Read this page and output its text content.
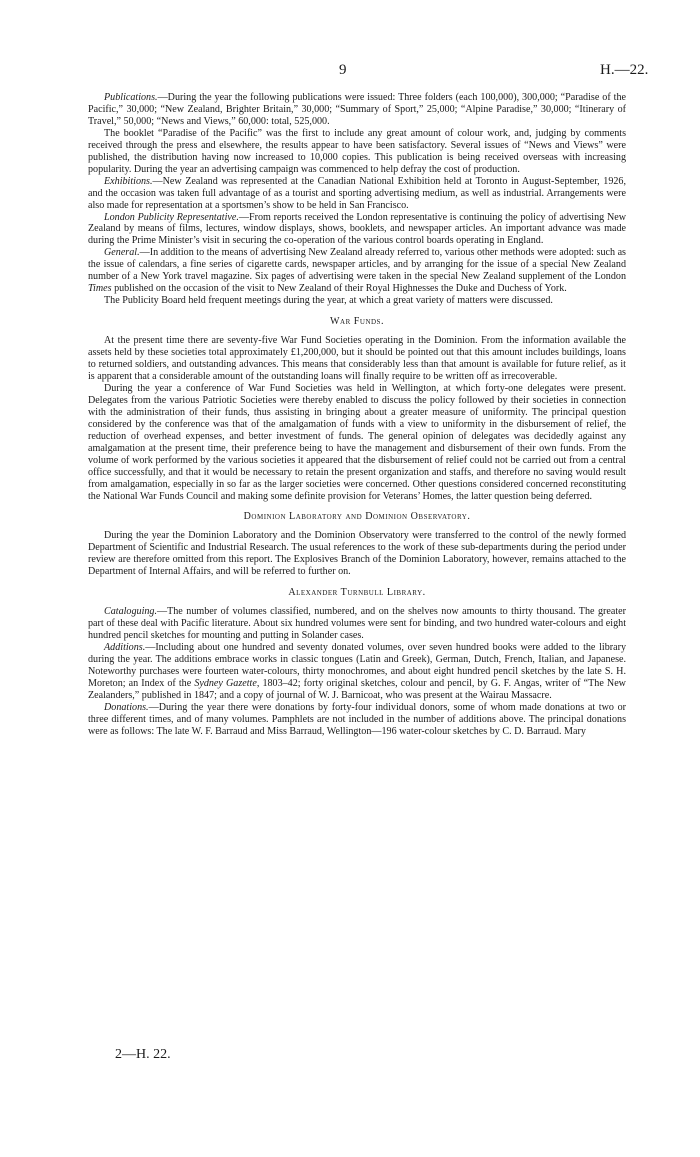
9	H.—22.

Publications.—During the year the following publications were issued: Three folders (each 100,000), 300,000; “Paradise of the Pacific,” 30,000; “New Zealand, Brighter Britain,” 30,000; “Summary of Sport,” 25,000; “Alpine Paradise,” 30,000; “Itinerary of Travel,” 50,000; “News and Views,” 60,000: total, 525,000.

The booklet “Paradise of the Pacific” was the first to include any great amount of colour work, and, judging by comments received through the press and elsewhere, the results appear to have been satisfactory. Several issues of “News and Views” were published, the distribution having now increased to 10,000 copies. This publication is being received overseas with increasing popularity. During the year an advertising campaign was commenced to help defray the cost of production.

Exhibitions.—New Zealand was represented at the Canadian National Exhibition held at Toronto in August-September, 1926, and the occasion was taken full advantage of as a tourist and sporting advertising medium, as well as industrial. Arrangements were also made for representation at a sportsmen’s show to be held in San Francisco.

London Publicity Representative.—From reports received the London representative is continuing the policy of advertising New Zealand by means of films, lectures, window displays, shows, booklets, and newspaper articles. An important advance was made during the Prime Minister’s visit in securing the co-operation of the various control boards operating in England.

General.—In addition to the means of advertising New Zealand already referred to, various other methods were adopted: such as the issue of calendars, a fine series of cigarette cards, newspaper articles, and by arranging for the issue of a special New Zealand number of a New York travel magazine. Six pages of advertising were taken in the special New Zealand supplement of the London Times published on the occasion of the visit to New Zealand of their Royal Highnesses the Duke and Duchess of York.

The Publicity Board held frequent meetings during the year, at which a great variety of matters were discussed.

War Funds.

At the present time there are seventy-five War Fund Societies operating in the Dominion. From the information available the assets held by these societies total approximately £1,200,000, but it should be pointed out that this amount includes buildings, loans to returned soldiers, and outstanding advances. This means that considerably less than that amount is available for future relief, as it is apparent that a considerable amount of the outstanding loans will finally require to be written off as irrecoverable.

During the year a conference of War Fund Societies was held in Wellington, at which forty-one delegates were present. Delegates from the various Patriotic Societies were thereby enabled to discuss the policy followed by their societies in connection with the administration of their funds, thus assisting in bringing about a greater measure of uniformity. The principal question considered by the conference was that of the amalgamation of funds with a view to uniformity in the disbursement of relief, the reduction of overhead expenses, and better investment of funds. The general opinion of delegates was decidedly against any amalgamation at the present time, their preference being to have the management and disbursement of their own funds. From the volume of work performed by the various societies it appeared that the disbursement of relief could not be carried out from a central office successfully, and that it would be necessary to retain the present organization and staffs, and therefore no saving would result from amalgamation, especially in so far as the larger societies were concerned. Other questions considered concerned reconstituting the National War Funds Council and making some definite provision for Veterans’ Homes, the latter question being deferred.

Dominion Laboratory and Dominion Observatory.

During the year the Dominion Laboratory and the Dominion Observatory were transferred to the control of the newly formed Department of Scientific and Industrial Research. The usual references to the work of these sub-departments during the period under review are therefore omitted from this report. The Explosives Branch of the Dominion Laboratory, however, remains attached to the Department of Internal Affairs, and will be referred to further on.

Alexander Turnbull Library.

Cataloguing.—The number of volumes classified, numbered, and on the shelves now amounts to thirty thousand. The greater part of these deal with Pacific literature. About six hundred volumes were sent for binding, and two hundred water-colours and eight hundred pencil sketches for mounting and putting in Solander cases.

Additions.—Including about one hundred and seventy donated volumes, over seven hundred books were added to the library during the year. The additions embrace works in classic tongues (Latin and Greek), German, Dutch, French, Italian, and Japanese. Noteworthy purchases were fourteen water-colours, thirty monochromes, and about eight hundred pencil sketches by the late S. H. Moreton; an Index of the Sydney Gazette, 1803–42; forty original sketches, colour and pencil, by G. F. Angas, writer of “The New Zealanders,” published in 1847; and a copy of journal of W. J. Barnicoat, who was present at the Wairau Massacre.

Donations.—During the year there were donations by forty-four individual donors, some of whom made donations at two or three different times, and of many volumes. Pamphlets are not included in the number of additions above. The principal donations were as follows: The late W. F. Barraud and Miss Barraud, Wellington—196 water-colour sketches by C. D. Barraud. Mary

2—H. 22.
